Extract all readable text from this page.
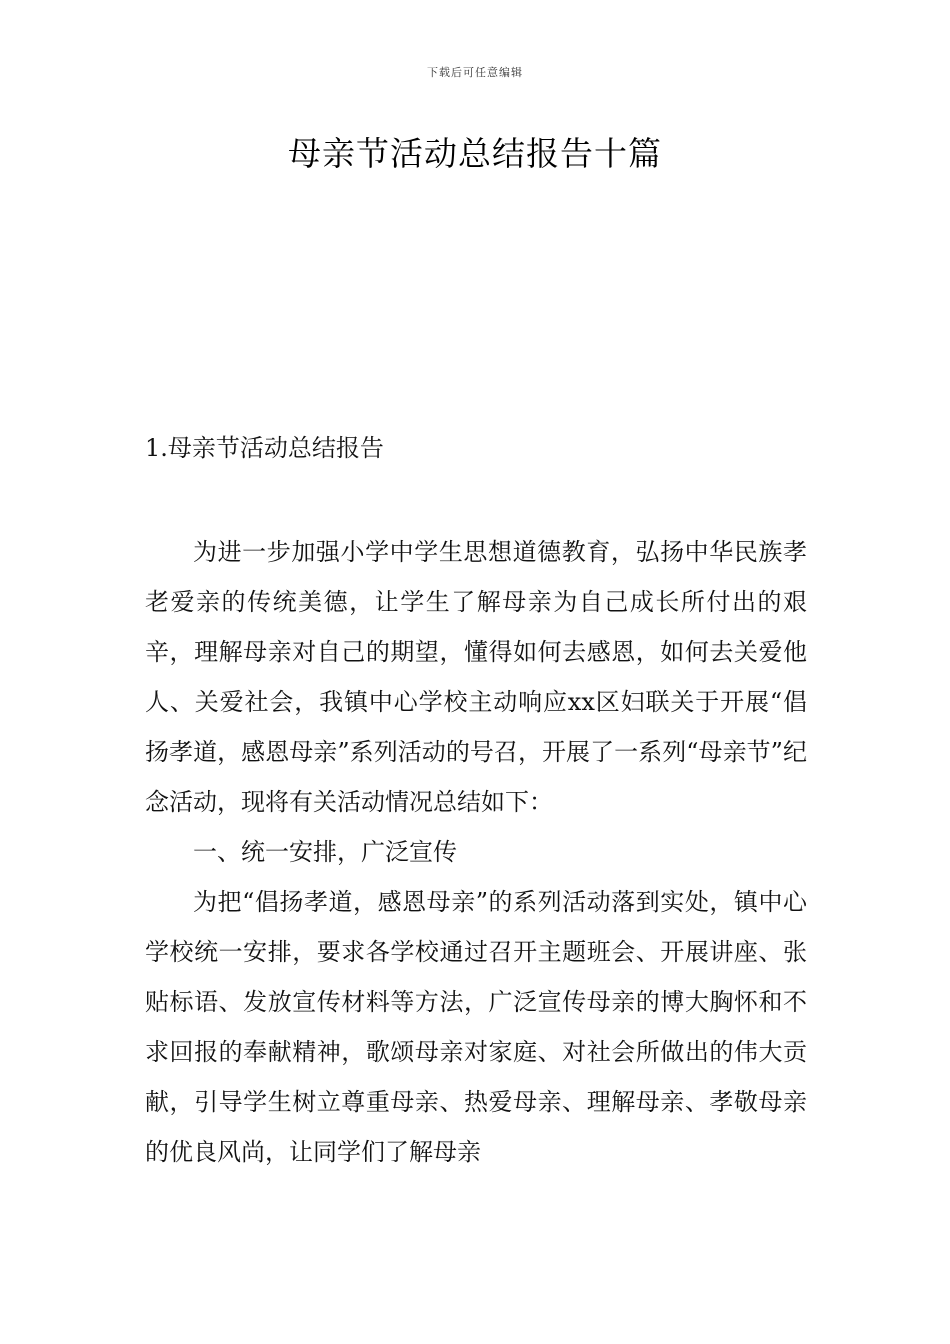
下载后可任意编辑
母亲节活动总结报告十篇
1.母亲节活动总结报告

为进一步加强小学中学生思想道德教育，弘扬中华民族孝老爱亲的传统美德，让学生了解母亲为自己成长所付出的艰辛，理解母亲对自己的期望，懂得如何去感恩，如何去关爱他人、关爱社会，我镇中心学校主动响应xx区妇联关于开展“倡扬孝道，感恩母亲”系列活动的号召，开展了一系列“母亲节”纪念活动，现将有关活动情况总结如下：

一、统一安排，广泛宣传

为把“倡扬孝道，感恩母亲”的系列活动落到实处，镇中心学校统一安排，要求各学校通过召开主题班会、开展讲座、张贴标语、发放宣传材料等方法，广泛宣传母亲的博大胸怀和不求回报的奉献精神，歌颂母亲对家庭、对社会所做出的伟大贡献，引导学生树立尊重母亲、热爱母亲、理解母亲、孝敬母亲的优良风尚，让同学们了解母亲
